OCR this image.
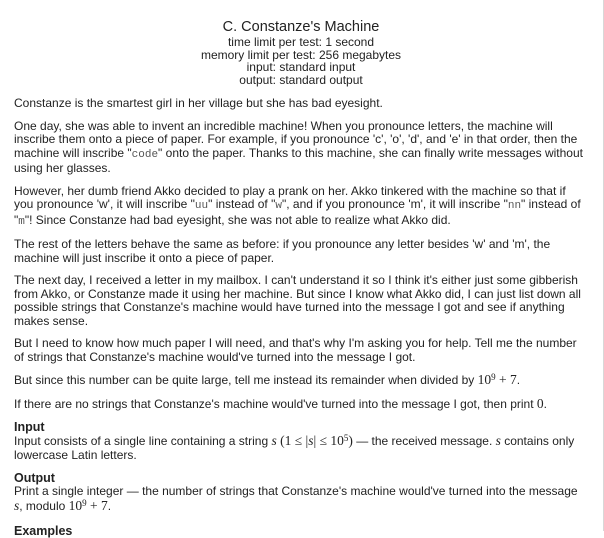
C. Constanze's Machine
time limit per test: 1 second
memory limit per test: 256 megabytes
input: standard input
output: standard output

Constanze is the smartest girl in her village but she has bad eyesight.

One day, she was able to invent an incredible machine! When you pronounce letters, the machine will inscribe them onto a piece of paper. For example, if you pronounce 'c', 'o', 'd', and 'e' in that order, then the machine will inscribe "code" onto the paper. Thanks to this machine, she can finally write messages without using her glasses.

However, her dumb friend Akko decided to play a prank on her. Akko tinkered with the machine so that if you pronounce 'w', it will inscribe "uu" instead of "w", and if you pronounce 'm', it will inscribe "nn" instead of "m"! Since Constanze had bad eyesight, she was not able to realize what Akko did.

The rest of the letters behave the same as before: if you pronounce any letter besides 'w' and 'm', the machine will just inscribe it onto a piece of paper.

The next day, I received a letter in my mailbox. I can't understand it so I think it's either just some gibberish from Akko, or Constanze made it using her machine. But since I know what Akko did, I can just list down all possible strings that Constanze's machine would have turned into the message I got and see if anything makes sense.

But I need to know how much paper I will need, and that's why I'm asking you for help. Tell me the number of strings that Constanze's machine would've turned into the message I got.

But since this number can be quite large, tell me instead its remainder when divided by $10^9 + 7$.

If there are no strings that Constanze's machine would've turned into the message I got, then print 0.

Input

Input consists of a single line containing a string s $(1 \le |s| \le 10^5)$ — the received message. s contains only lowercase Latin letters.

Output

Print a single integer — the number of strings that Constanze's machine would've turned into the message s, modulo $10^9 + 7$.

Examples
